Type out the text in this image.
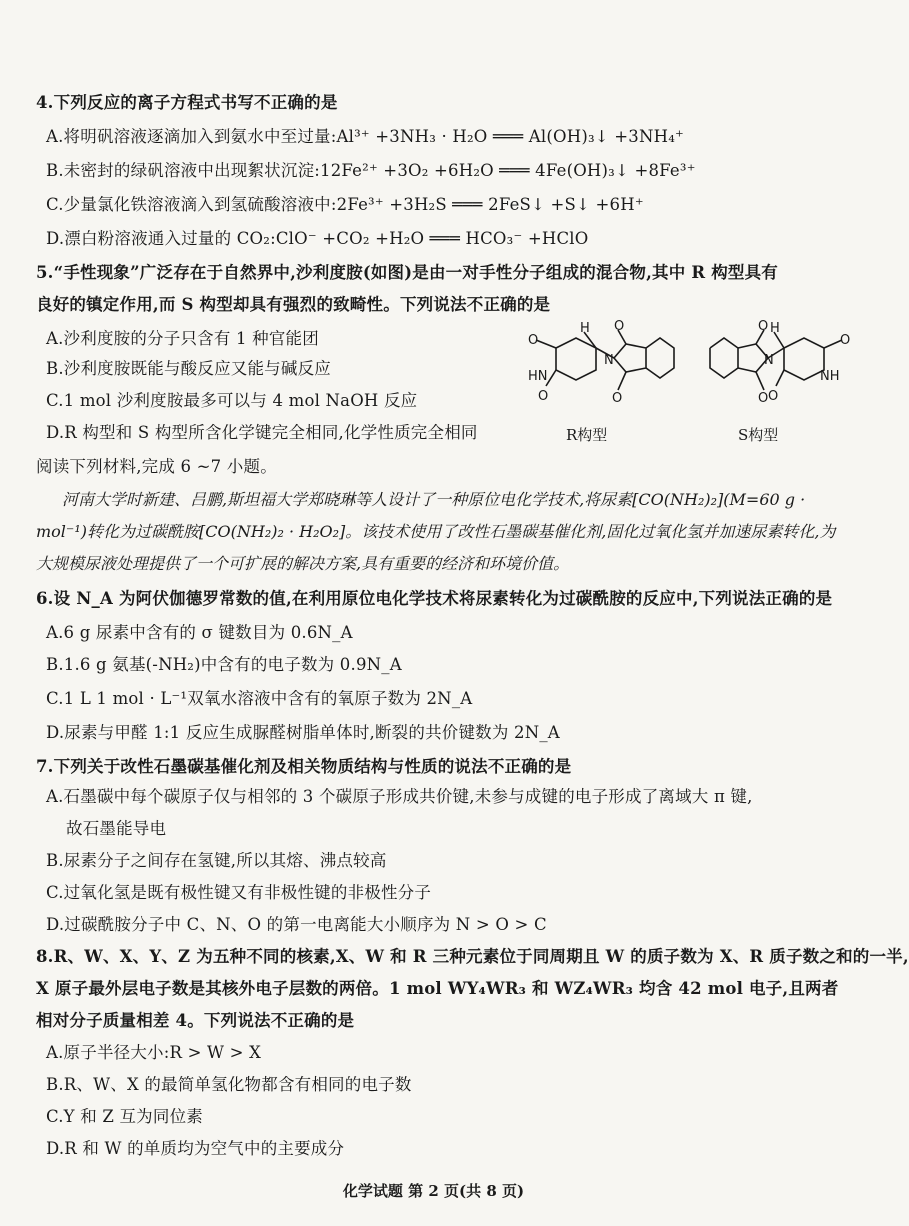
4.下列反应的离子方程式书写不正确的是
A.将明矾溶液逐滴加入到氨水中至过量:Al³⁺ +3NH₃ · H₂O ═══ Al(OH)₃↓ +3NH₄⁺
B.未密封的绿矾溶液中出现絮状沉淀:12Fe²⁺ +3O₂ +6H₂O ═══ 4Fe(OH)₃↓ +8Fe³⁺
C.少量氯化铁溶液滴入到氢硫酸溶液中:2Fe³⁺ +3H₂S ═══ 2FeS↓ +S↓ +6H⁺
D.漂白粉溶液通入过量的 CO₂:ClO⁻ +CO₂ +H₂O ═══ HCO₃⁻ +HClO
5.“手性现象”广泛存在于自然界中,沙利度胺(如图)是由一对手性分子组成的混合物,其中 R 构型具有
良好的镇定作用,而 S 构型却具有强烈的致畸性。下列说法不正确的是
A.沙利度胺的分子只含有 1 种官能团
B.沙利度胺既能与酸反应又能与碱反应
C.1 mol 沙利度胺最多可以与 4 mol NaOH 反应
D.R 构型和 S 构型所含化学键完全相同,化学性质完全相同
O
HN
O
H
N
O
O
O
O
N
H
NH
O
O
R构型	S构型
阅读下列材料,完成 6 ~7 小题。
河南大学时新建、吕鹏,斯坦福大学郑晓琳等人设计了一种原位电化学技术,将尿素[CO(NH₂)₂](M=60 g · mol⁻¹)转化为过碳酰胺[CO(NH₂)₂ · H₂O₂]。该技术使用了改性石墨碳基催化剂,固化过氧化氢并加速尿素转化,为大规模尿液处理提供了一个可扩展的解决方案,具有重要的经济和环境价值。
6.设 N_A 为阿伏伽德罗常数的值,在利用原位电化学技术将尿素转化为过碳酰胺的反应中,下列说法正确的是
A.6 g 尿素中含有的 σ 键数目为 0.6N_A
B.1.6 g 氨基(-NH₂)中含有的电子数为 0.9N_A
C.1 L 1 mol · L⁻¹双氧水溶液中含有的氧原子数为 2N_A
D.尿素与甲醛 1:1 反应生成脲醛树脂单体时,断裂的共价键数为 2N_A
7.下列关于改性石墨碳基催化剂及相关物质结构与性质的说法不正确的是
A.石墨碳中每个碳原子仅与相邻的 3 个碳原子形成共价键,未参与成键的电子形成了离域大 π 键,
故石墨能导电
B.尿素分子之间存在氢键,所以其熔、沸点较高
C.过氧化氢是既有极性键又有非极性键的非极性分子
D.过碳酰胺分子中 C、N、O 的第一电离能大小顺序为 N > O > C
8.R、W、X、Y、Z 为五种不同的核素,X、W 和 R 三种元素位于同周期且 W 的质子数为 X、R 质子数之和的一半,
X 原子最外层电子数是其核外电子层数的两倍。1 mol WY₄WR₃ 和 WZ₄WR₃ 均含 42 mol 电子,且两者
相对分子质量相差 4。下列说法不正确的是
A.原子半径大小:R > W > X
B.R、W、X 的最简单氢化物都含有相同的电子数
C.Y 和 Z 互为同位素
D.R 和 W 的单质均为空气中的主要成分
化学试题 第 2 页(共 8 页)
